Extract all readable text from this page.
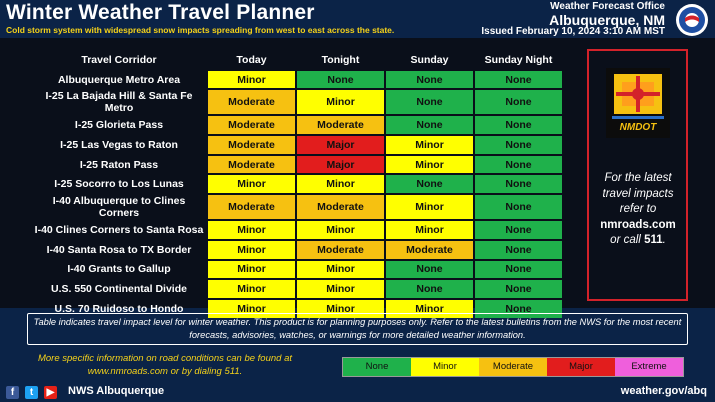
Winter Weather Travel Planner
Cold storm system with widespread snow impacts spreading from west to east across the state.
Weather Forecast Office
Albuquerque, NM
Issued February 10, 2024 3:10 AM MST
Travel Corridor	Today	Tonight	Sunday	Sunday Night
Albuquerque Metro Area	Minor	None	None	None
I-25 La Bajada Hill & Santa Fe Metro	Moderate	Minor	None	None
I-25 Glorieta Pass	Moderate	Moderate	None	None
I-25 Las Vegas to Raton	Moderate	Major	Minor	None
I-25 Raton Pass	Moderate	Major	Minor	None
I-25 Socorro to Los Lunas	Minor	Minor	None	None
I-40 Albuquerque to Clines Corners	Moderate	Moderate	Minor	None
I-40 Clines Corners to Santa Rosa	Minor	Minor	Minor	None
I-40 Santa Rosa to TX Border	Minor	Moderate	Moderate	None
I-40 Grants to Gallup	Minor	Minor	None	None
U.S. 550 Continental Divide	Minor	Minor	None	None
U.S. 70 Ruidoso to Hondo	Minor	Minor	Minor	None
NMDOT
For the latest travel impacts refer to
nmroads.com
or call 511.
Table indicates travel impact level for winter weather. This product is for planning purposes only. Refer to the latest bulletins from the NWS for the most recent forecasts, advisories, watches, or warnings for more detailed weather information.
More specific information on road conditions can be found at www.nmroads.com or by dialing 511.	None	Minor	Moderate	Major	Extreme
f	t	▶ NWS Albuquerque	weather.gov/abq
